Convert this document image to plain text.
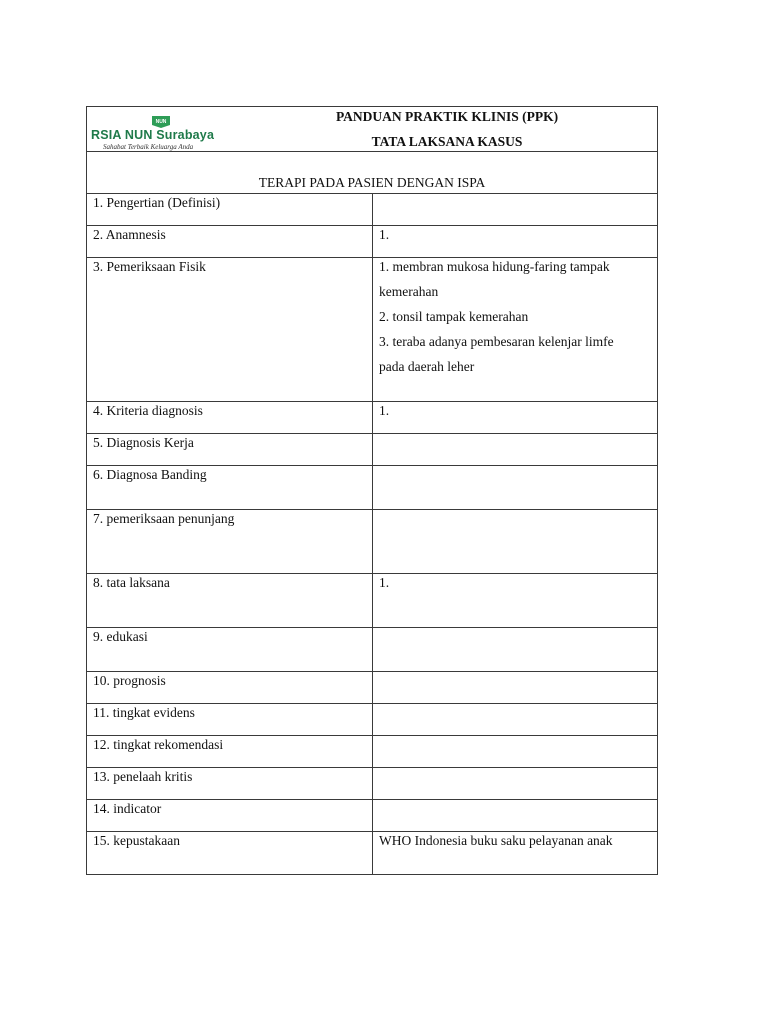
NUN
RSIA NUN Surabaya
Sahabat Terbaik Keluarga Anda
PANDUAN PRAKTIK KLINIS (PPK)
TATA LAKSANA KASUS
TERAPI PADA PASIEN DENGAN ISPA
1. Pengertian (Definisi)
2. Anamnesis
3. Pemeriksaan Fisik
4. Kriteria diagnosis
5. Diagnosis Kerja
6. Diagnosa Banding
7. pemeriksaan penunjang
8. tata laksana
9. edukasi
10. prognosis
11. tingkat evidens
12. tingkat rekomendasi
13. penelaah kritis
14. indicator
15. kepustakaan
1.
1. membran mukosa hidung-faring tampak
kemerahan
2. tonsil tampak kemerahan
3. teraba adanya pembesaran kelenjar limfe
pada daerah leher
1.
1.
WHO Indonesia buku saku pelayanan anak
